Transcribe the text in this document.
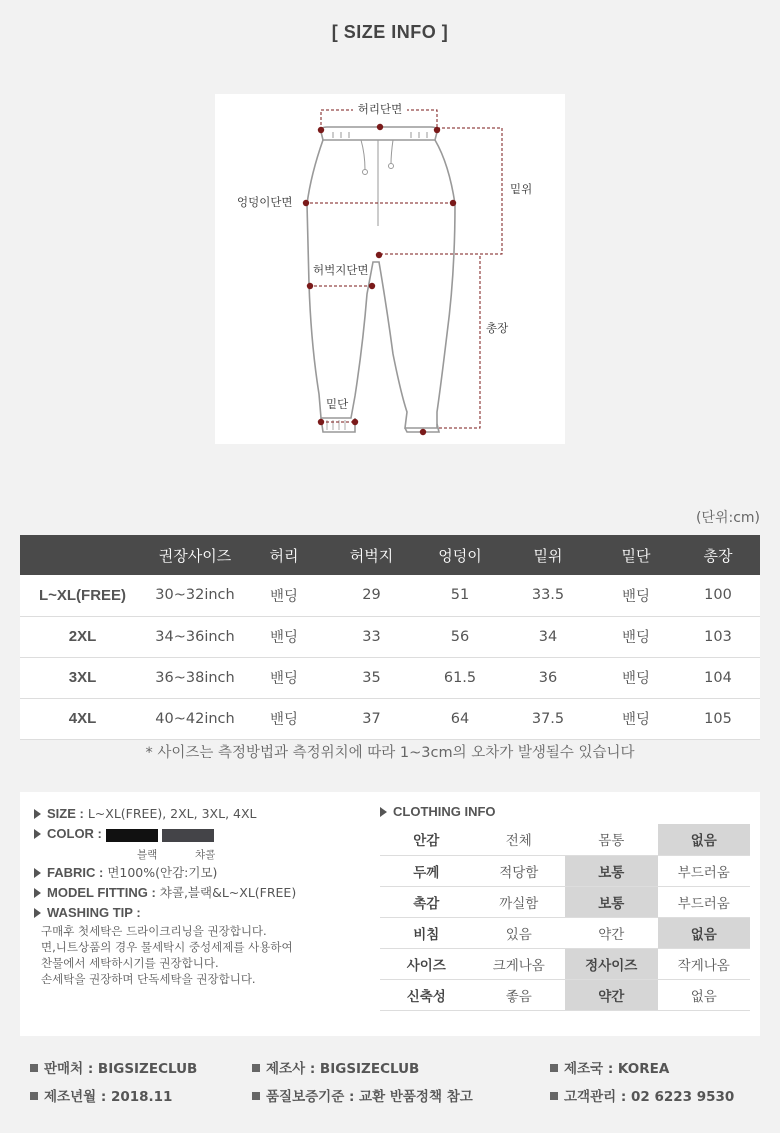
[ SIZE INFO ]
허리단면
엉덩이단면
허벅지단면
밑단
밑위
총장
(단위:cm)
	권장사이즈	허리	허벅지	엉덩이	밑위	밑단	총장
L~XL(FREE)	30~32inch	밴딩	29	51	33.5	밴딩	100
2XL	34~36inch	밴딩	33	56	34	밴딩	103
3XL	36~38inch	밴딩	35	61.5	36	밴딩	104
4XL	40~42inch	밴딩	37	64	37.5	밴딩	105
* 사이즈는 측정방법과 측정위치에 따라 1~3cm의 오차가 발생될수 있습니다
SIZE : L~XL(FREE), 2XL, 3XL, 4XL
COLOR :
블랙	챠콜
FABRIC : 면100%(안감:기모)
MODEL FITTING : 챠콜,블랙&L~XL(FREE)
WASHING TIP :
구매후 첫세탁은 드라이크리닝을 권장합니다.
면,니트상품의 경우 물세탁시 중성세제를 사용하여
찬물에서 세탁하시기를 권장합니다.
손세탁을 권장하며 단독세탁을 권장합니다.
CLOTHING INFO
안감	전체	몸통	없음
두께	적당함	보통	부드러움
촉감	까실함	보통	부드러움
비침	있음	약간	없음
사이즈	크게나옴	정사이즈	작게나옴
신축성	좋음	약간	없음
판매처 : BIGSIZECLUB	제조사 : BIGSIZECLUB	제조국 : KOREA
제조년월 : 2018.11	품질보증기준 : 교환 반품정책 참고	고객관리 : 02 6223 9530
